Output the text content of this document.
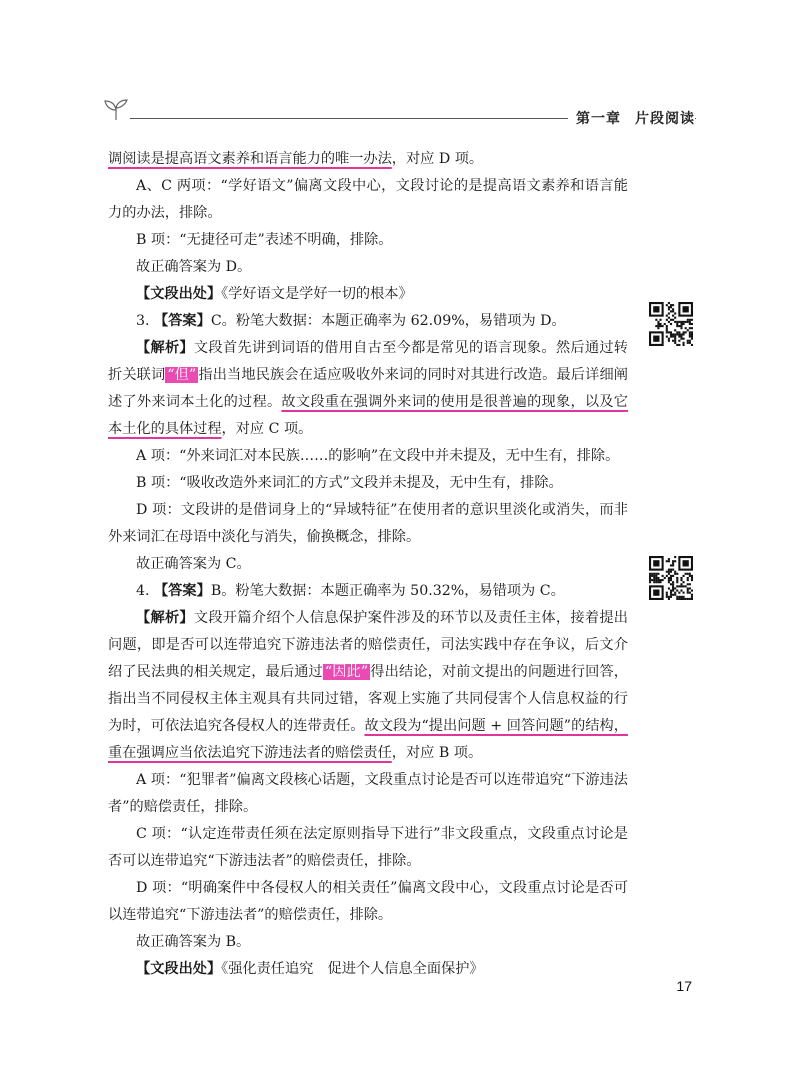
第一章 片段阅读

调阅读是提高语文素养和语言能力的唯一办法，对应 D 项。

A、C 两项：“学好语文”偏离文段中心，文段讨论的是提高语文素养和语言能力的办法，排除。

B 项：“无捷径可走”表述不明确，排除。

故正确答案为 D。

【文段出处】《学好语文是学好一切的根本》

3. 【答案】C。粉笔大数据：本题正确率为 62.09%，易错项为 D。

【解析】文段首先讲到词语的借用自古至今都是常见的语言现象。然后通过转折关联词 “但” 指出当地民族会在适应吸收外来词的同时对其进行改造。最后详细阐述了外来词本土化的过程。故文段重在强调外来词的使用是很普遍的现象，以及它本土化的具体过程，对应 C 项。

A 项：“外来词汇对本民族……的影响”在文段中并未提及，无中生有，排除。

B 项：“吸收改造外来词汇的方式”文段并未提及，无中生有，排除。

D 项：文段讲的是借词身上的“异域特征”在使用者的意识里淡化或消失，而非外来词汇在母语中淡化与消失，偷换概念，排除。

故正确答案为 C。

4. 【答案】B。粉笔大数据：本题正确率为 50.32%，易错项为 C。

【解析】文段开篇介绍个人信息保护案件涉及的环节以及责任主体，接着提出问题，即是否可以连带追究下游违法者的赔偿责任，司法实践中存在争议，后文介绍了民法典的相关规定，最后通过 “因此” 得出结论，对前文提出的问题进行回答，指出当不同侵权主体主观具有共同过错，客观上实施了共同侵害个人信息权益的行为时，可依法追究各侵权人的连带责任。故文段为“提出问题 + 回答问题”的结构，重在强调应当依法追究下游违法者的赔偿责任，对应 B 项。

A 项：“犯罪者”偏离文段核心话题，文段重点讨论是否可以连带追究“下游违法者”的赔偿责任，排除。

C 项：“认定连带责任须在法定原则指导下进行”非文段重点，文段重点讨论是否可以连带追究“下游违法者”的赔偿责任，排除。

D 项：“明确案件中各侵权人的相关责任”偏离文段中心，文段重点讨论是否可以连带追究“下游违法者”的赔偿责任，排除。

故正确答案为 B。

【文段出处】《强化责任追究　促进个人信息全面保护》

17
